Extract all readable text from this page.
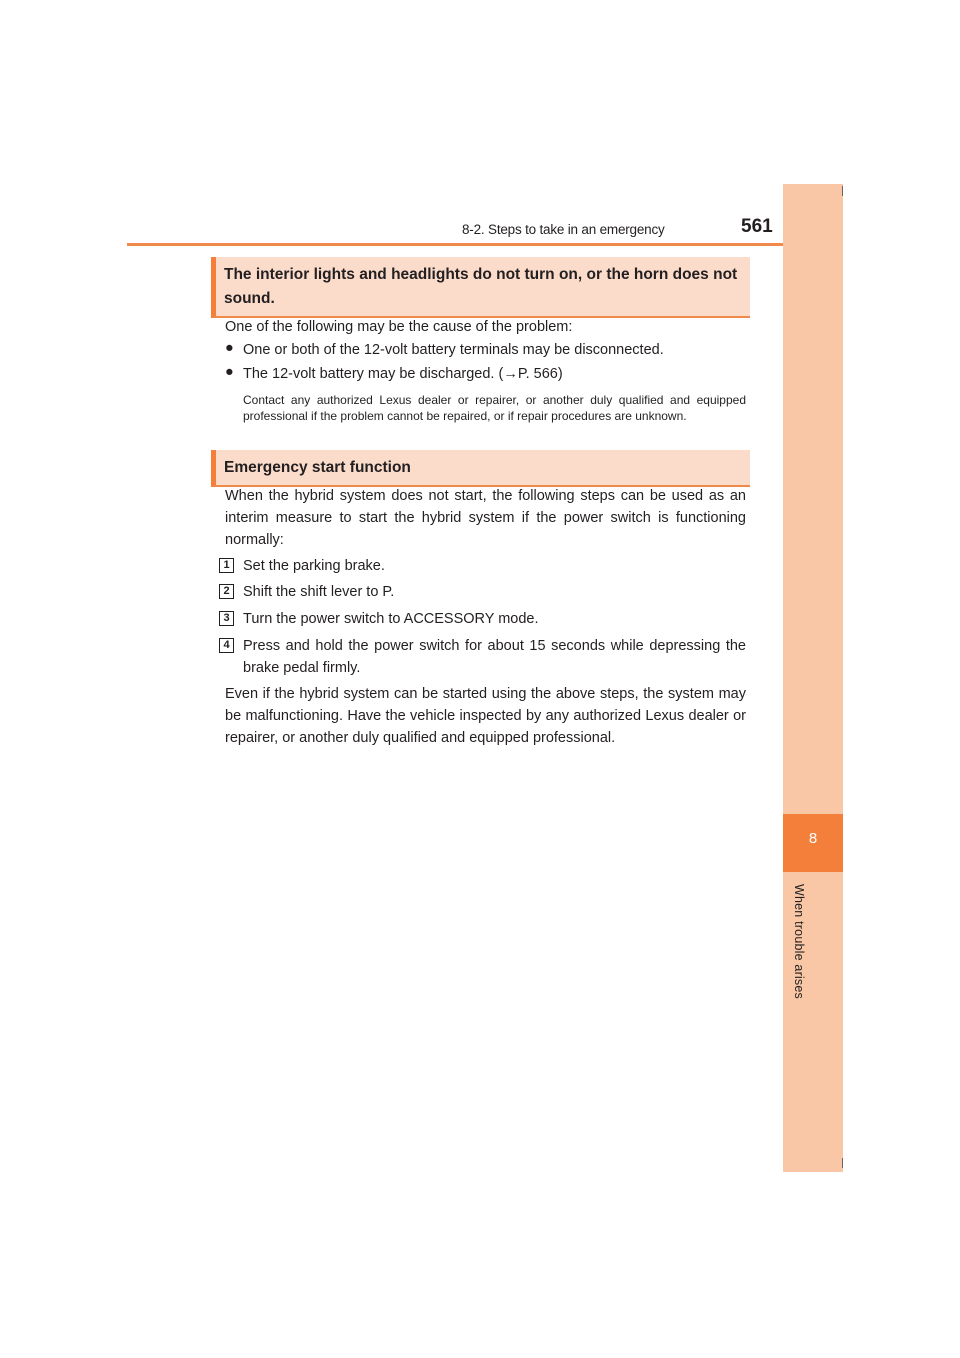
8-2. Steps to take in an emergency	561
8
When trouble arises
The interior lights and headlights do not turn on, or the horn does not sound.
One of the following may be the cause of the problem:
● One or both of the 12-volt battery terminals may be disconnected.
● The 12-volt battery may be discharged. (→P. 566)
Contact any authorized Lexus dealer or repairer, or another duly qualified and equipped professional if the problem cannot be repaired, or if repair procedures are unknown.
Emergency start function
When the hybrid system does not start, the following steps can be used as an interim measure to start the hybrid system if the power switch is functioning normally:
1 Set the parking brake.
2 Shift the shift lever to P.
3 Turn the power switch to ACCESSORY mode.
4 Press and hold the power switch for about 15 seconds while depressing the brake pedal firmly.
Even if the hybrid system can be started using the above steps, the system may be malfunctioning. Have the vehicle inspected by any authorized Lexus dealer or repairer, or another duly qualified and equipped professional.
